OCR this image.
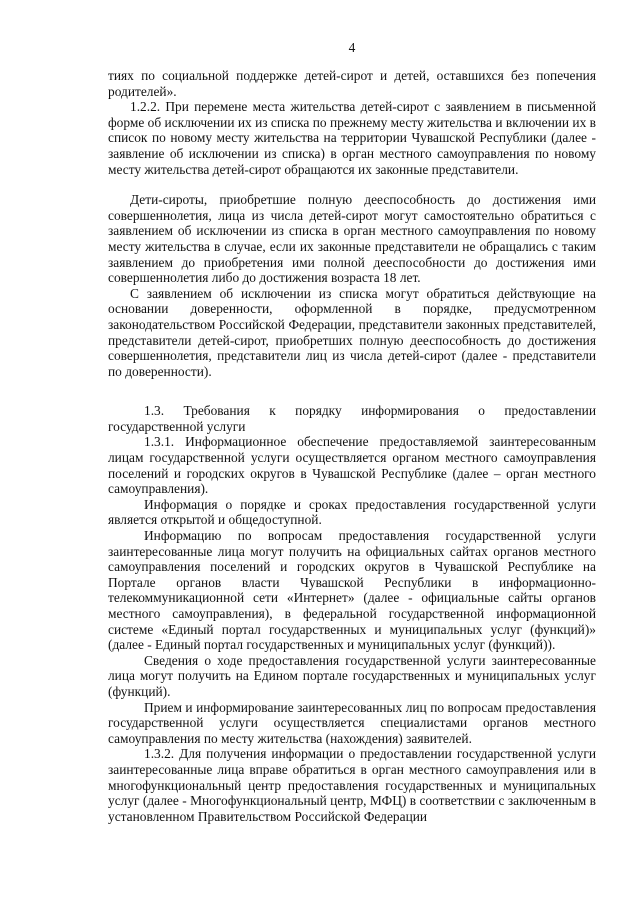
4

тиях по социальной поддержке детей-сирот и детей, оставшихся без попечения родителей».

1.2.2. При перемене места жительства детей-сирот с заявлением в письменной форме об исключении их из списка по прежнему месту жительства и включении их в список по новому месту жительства на территории Чувашской Республики (далее - заявление об исключении из списка) в орган местного самоуправления по новому месту жительства детей-сирот обращаются их законные представители.

Дети-сироты, приобретшие полную дееспособность до достижения ими совершеннолетия, лица из числа детей-сирот могут самостоятельно обратиться с заявлением об исключении из списка в орган местного самоуправления по новому месту жительства в случае, если их законные представители не обращались с таким заявлением до приобретения ими полной дееспособности до достижения ими совершеннолетия либо до достижения возраста 18 лет.

С заявлением об исключении из списка могут обратиться действующие на основании доверенности, оформленной в порядке, предусмотренном законодательством Российской Федерации, представители законных представителей, представители детей-сирот, приобретших полную дееспособность до достижения совершеннолетия, представители лиц из числа детей-сирот (далее - представители по доверенности).

1.3. Требования к порядку информирования о предоставлении государственной услуги

1.3.1. Информационное обеспечение предоставляемой заинтересованным лицам государственной услуги осуществляется органом местного самоуправления поселений и городских округов в Чувашской Республике (далее – орган местного самоуправления).

Информация о порядке и сроках предоставления государственной услуги является открытой и общедоступной.

Информацию по вопросам предоставления государственной услуги заинтересованные лица могут получить на официальных сайтах органов местного самоуправления поселений и городских округов в Чувашской Республике на Портале органов власти Чувашской Республики в информационно-телекоммуникационной сети «Интернет» (далее - официальные сайты органов местного самоуправления), в федеральной государственной информационной системе «Единый портал государственных и муниципальных услуг (функций)» (далее - Единый портал государственных и муниципальных услуг (функций)).

Сведения о ходе предоставления государственной услуги заинтересованные лица могут получить на Едином портале государственных и муниципальных услуг (функций).

Прием и информирование заинтересованных лиц по вопросам предоставления государственной услуги осуществляется специалистами органов местного самоуправления по месту жительства (нахождения) заявителей.

1.3.2. Для получения информации о предоставлении государственной услуги заинтересованные лица вправе обратиться в орган местного самоуправления или в многофункциональный центр предоставления государственных и муниципальных услуг (далее - Многофункциональный центр, МФЦ) в соответствии с заключенным в установленном Правительством Российской Федерации
